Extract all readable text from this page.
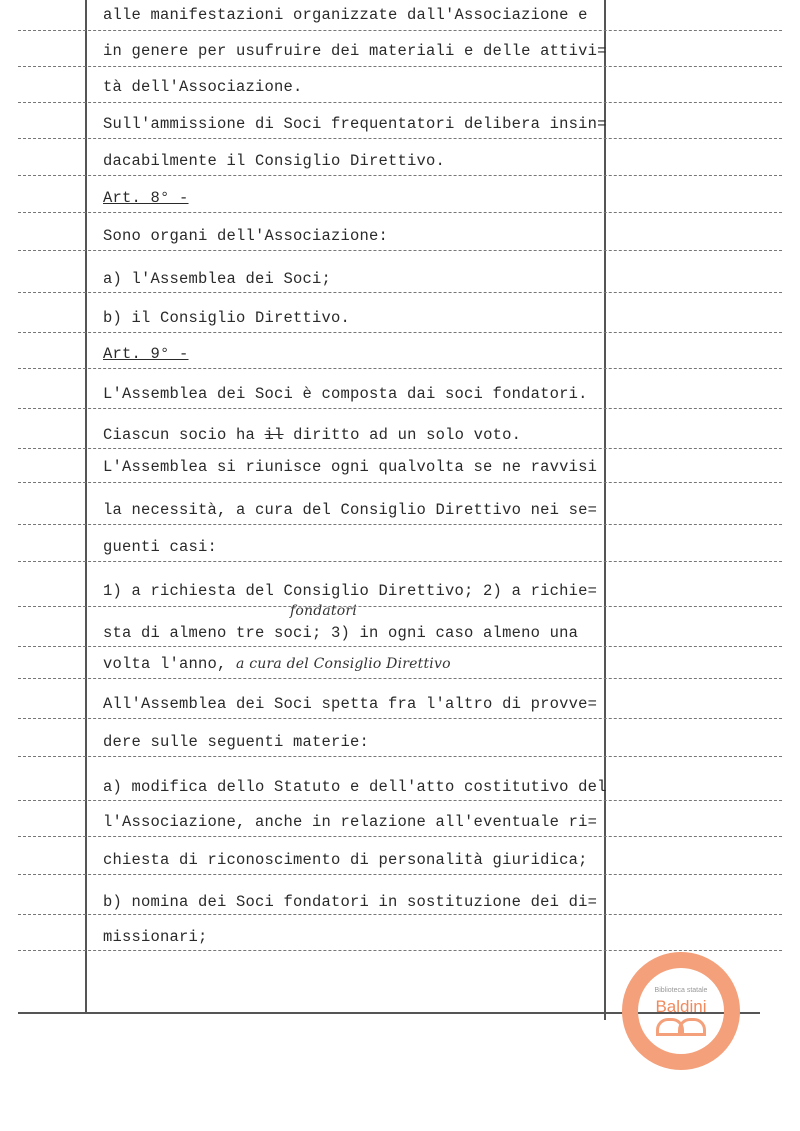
alle manifestazioni organizzate dall'Associazione e
in genere per usufruire dei materiali e delle attivi=
tà dell'Associazione.
Sull'ammissione di Soci frequentatori delibera insin=
dacabilmente il Consiglio Direttivo.
Art. 8° -
Sono organi dell'Associazione:
a) l'Assemblea dei Soci;
b) il Consiglio Direttivo.
Art. 9° -
L'Assemblea dei Soci è composta dai soci fondatori.
Ciascun socio ha il diritto ad un solo voto.
L'Assemblea si riunisce ogni qualvolta se ne ravvisi
la necessità, a cura del Consiglio Direttivo nei se=
guenti casi:
1) a richiesta del Consiglio Direttivo; 2) a richie=
fondatori
sta di almeno tre soci; 3) in ogni caso almeno una
volta l'anno, a cura del Consiglio Direttivo
All'Assemblea dei Soci spetta fra l'altro di provve=
dere sulle seguenti materie:
a) modifica dello Statuto e dell'atto costitutivo del
l'Associazione, anche in relazione all'eventuale ri=
chiesta di riconoscimento di personalità giuridica;
b) nomina dei Soci fondatori in sostituzione dei di=
missionari;
Biblioteca statale
Baldini
